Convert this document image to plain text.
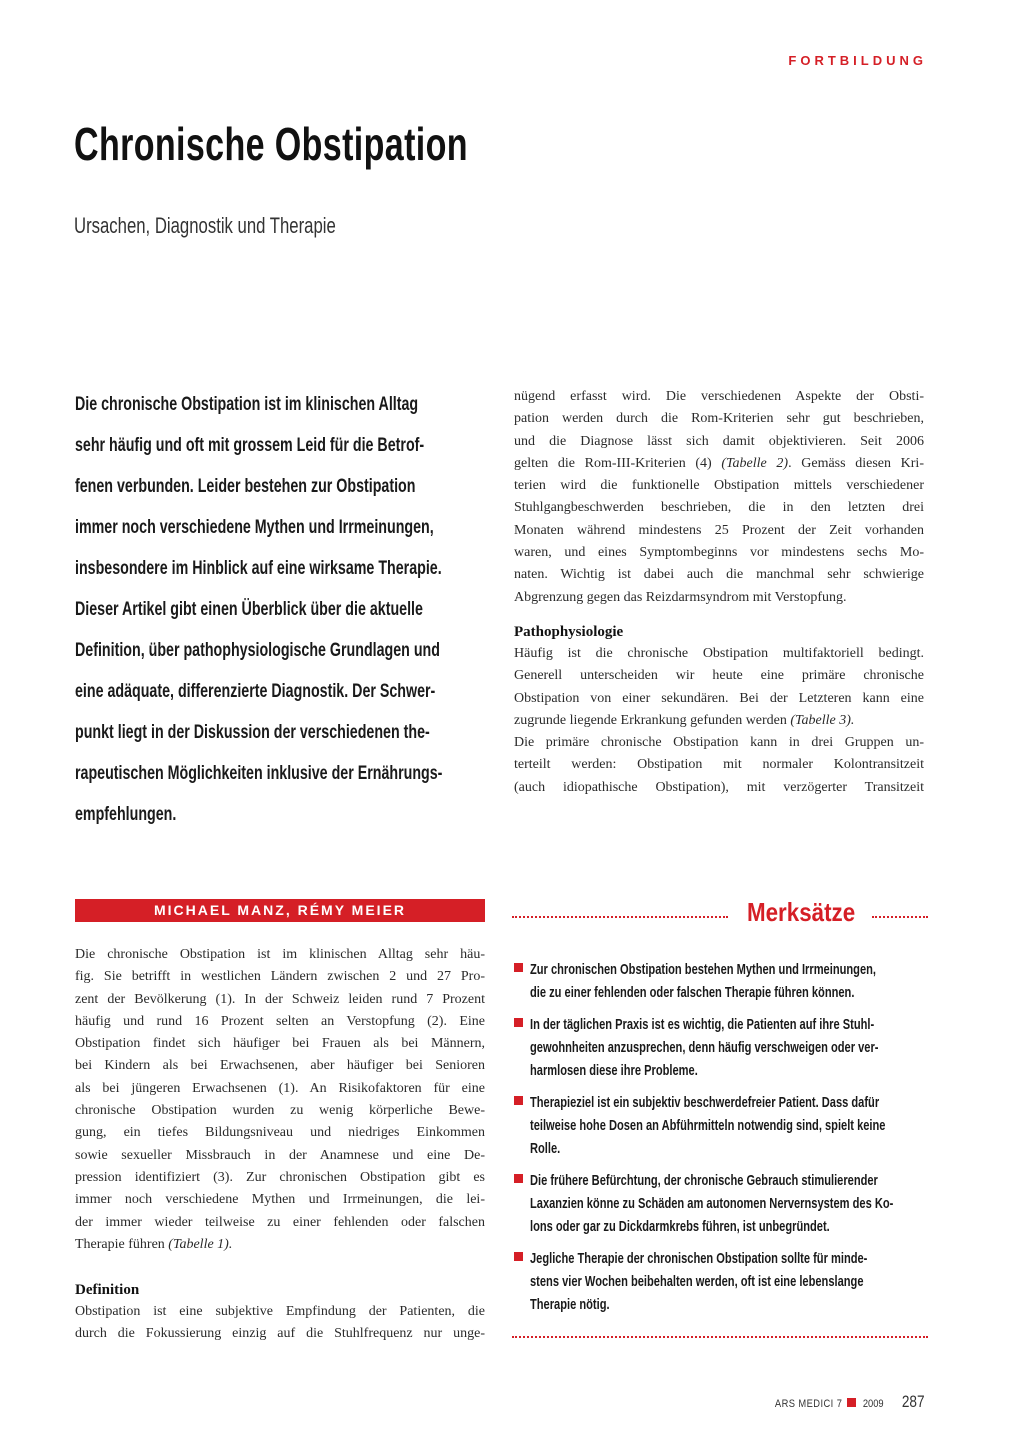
FORTBILDUNG
Chronische Obstipation
Ursachen, Diagnostik und Therapie
Die chronische Obstipation ist im klinischen Alltag
sehr häufig und oft mit grossem Leid für die Betrof-
fenen verbunden. Leider bestehen zur Obstipation
immer noch verschiedene Mythen und Irrmeinungen,
insbesondere im Hinblick auf eine wirksame Therapie.
Dieser Artikel gibt einen Überblick über die aktuelle
Definition, über pathophysiologische Grundlagen und
eine adäquate, differenzierte Diagnostik. Der Schwer-
punkt liegt in der Diskussion der verschiedenen the-
rapeutischen Möglichkeiten inklusive der Ernährungs-
empfehlungen.
nügend erfasst wird. Die verschiedenen Aspekte der Obsti-
pation werden durch die Rom-Kriterien sehr gut beschrieben,
und die Diagnose lässt sich damit objektivieren. Seit 2006
gelten die Rom-III-Kriterien (4) (Tabelle 2). Gemäss diesen Kri-
terien wird die funktionelle Obstipation mittels verschiedener
Stuhlgangbeschwerden beschrieben, die in den letzten drei
Monaten während mindestens 25 Prozent der Zeit vorhanden
waren, und eines Symptombeginns vor mindestens sechs Mo-
naten. Wichtig ist dabei auch die manchmal sehr schwierige
Abgrenzung gegen das Reizdarmsyndrom mit Verstopfung.
Pathophysiologie
Häufig ist die chronische Obstipation multifaktoriell bedingt.
Generell unterscheiden wir heute eine primäre chronische
Obstipation von einer sekundären. Bei der Letzteren kann eine
zugrunde liegende Erkrankung gefunden werden (Tabelle 3).
Die primäre chronische Obstipation kann in drei Gruppen un-
terteilt werden: Obstipation mit normaler Kolontransitzeit
(auch idiopathische Obstipation), mit verzögerter Transitzeit
MICHAEL MANZ, RÉMY MEIER
Die chronische Obstipation ist im klinischen Alltag sehr häu-
fig. Sie betrifft in westlichen Ländern zwischen 2 und 27 Pro-
zent der Bevölkerung (1). In der Schweiz leiden rund 7 Prozent
häufig und rund 16 Prozent selten an Verstopfung (2). Eine
Obstipation findet sich häufiger bei Frauen als bei Männern,
bei Kindern als bei Erwachsenen, aber häufiger bei Senioren
als bei jüngeren Erwachsenen (1). An Risikofaktoren für eine
chronische Obstipation wurden zu wenig körperliche Bewe-
gung, ein tiefes Bildungsniveau und niedriges Einkommen
sowie sexueller Missbrauch in der Anamnese und eine De-
pression identifiziert (3). Zur chronischen Obstipation gibt es
immer noch verschiedene Mythen und Irrmeinungen, die lei-
der immer wieder teilweise zu einer fehlenden oder falschen
Therapie führen (Tabelle 1).
Definition
Obstipation ist eine subjektive Empfindung der Patienten, die
durch die Fokussierung einzig auf die Stuhlfrequenz nur unge-
Merksätze
Zur chronischen Obstipation bestehen Mythen und Irrmeinungen,
die zu einer fehlenden oder falschen Therapie führen können.
In der täglichen Praxis ist es wichtig, die Patienten auf ihre Stuhl-
gewohnheiten anzusprechen, denn häufig verschweigen oder ver-
harmlosen diese ihre Probleme.
Therapieziel ist ein subjektiv beschwerdefreier Patient. Dass dafür
teilweise hohe Dosen an Abführmitteln notwendig sind, spielt keine
Rolle.
Die frühere Befürchtung, der chronische Gebrauch stimulierender
Laxanzien könne zu Schäden am autonomen Nervernsystem des Ko-
lons oder gar zu Dickdarmkrebs führen, ist unbegründet.
Jegliche Therapie der chronischen Obstipation sollte für minde-
stens vier Wochen beibehalten werden, oft ist eine lebenslange
Therapie nötig.
ARS MEDICI 7 2009 287
